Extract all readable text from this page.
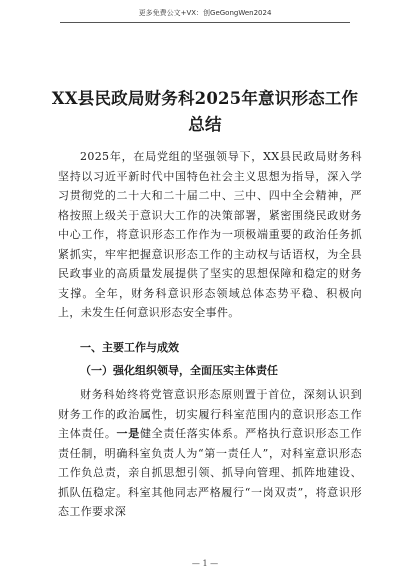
更多免费公文+VX：创GeGongWen2024
XX县民政局财务科2025年意识形态工作
总结
2025年，在局党组的坚强领导下，XX县民政局财务科坚持以习近平新时代中国特色社会主义思想为指导，深入学习贯彻党的二十大和二十届二中、三中、四中全会精神，严格按照上级关于意识大工作的决策部署，紧密围绕民政财务中心工作，将意识形态工作作为一项极端重要的政治任务抓紧抓实，牢牢把握意识形态工作的主动权与话语权，为全县民政事业的高质量发展提供了坚实的思想保障和稳定的财务支撑。全年，财务科意识形态领域总体态势平稳、积极向上，未发生任何意识形态安全事件。
一、主要工作与成效
（一）强化组织领导，全面压实主体责任
财务科始终将党管意识形态原则置于首位，深刻认识到财务工作的政治属性，切实履行科室范围内的意识形态工作主体责任。一是健全责任落实体系。严格执行意识形态工作责任制，明确科室负责人为“第一责任人”，对科室意识形态工作负总责，亲自抓思想引领、抓导向管理、抓阵地建设、抓队伍稳定。科室其他同志严格履行“一岗双责”，将意识形态工作要求深
— 1 —
